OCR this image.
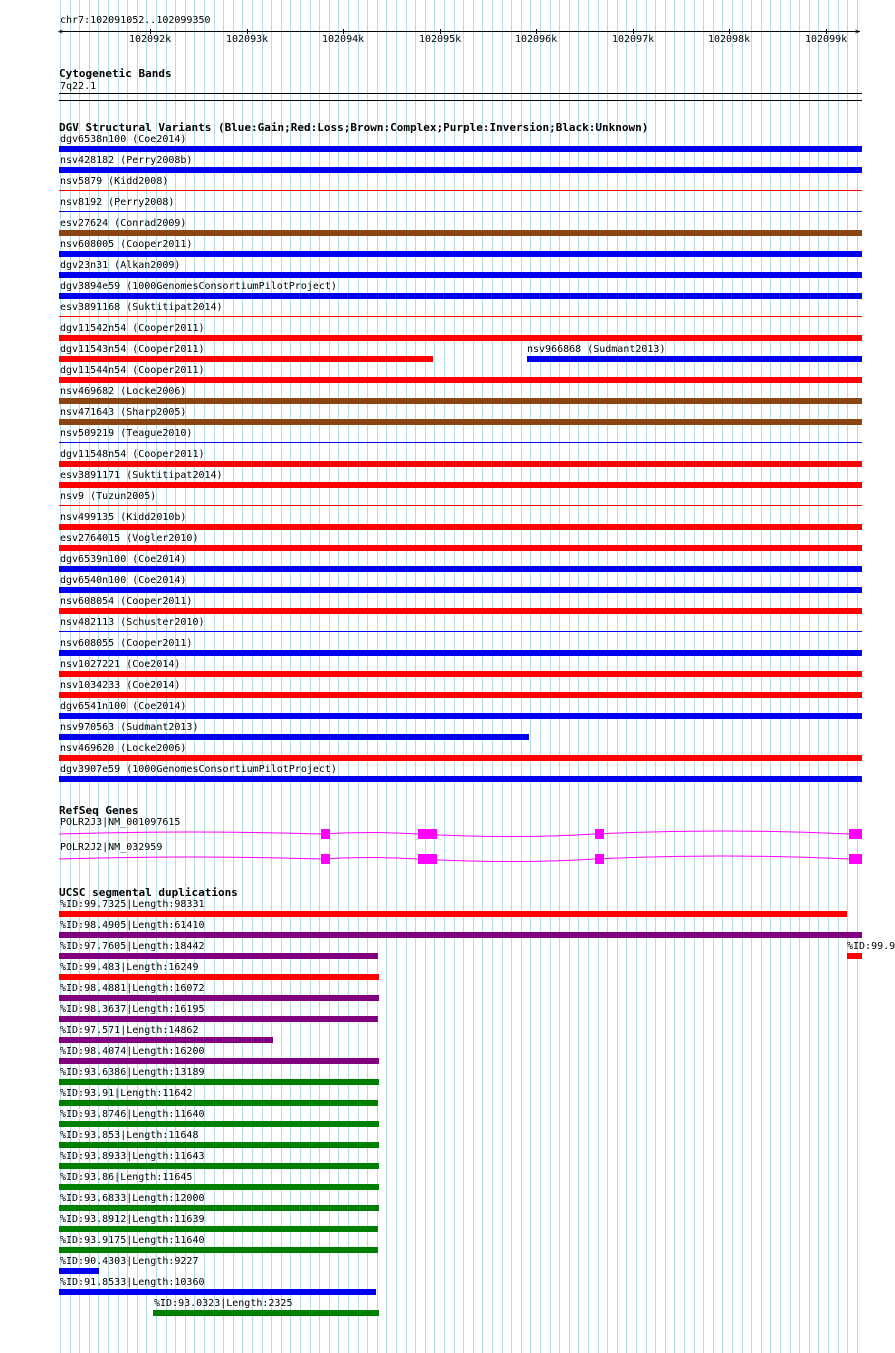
chr7:102091052..102099350
<	>
102092k	102093k	102094k	102095k	102096k	102097k	102098k	102099k
Cytogenetic Bands
7q22.1
DGV Structural Variants (Blue:Gain;Red:Loss;Brown:Complex;Purple:Inversion;Black:Unknown)
dgv6538n100 (Coe2014)
nsv428182 (Perry2008b)
nsv5879 (Kidd2008)
nsv8192 (Perry2008)
esv27624 (Conrad2009)
nsv608005 (Cooper2011)
dgv23n31 (Alkan2009)
dgv3894e59 (1000GenomesConsortiumPilotProject)
esv3891168 (Suktitipat2014)
dgv11542n54 (Cooper2011)
dgv11543n54 (Cooper2011)	nsv966868 (Sudmant2013)
dgv11544n54 (Cooper2011)
nsv469682 (Locke2006)
nsv471643 (Sharp2005)
nsv509219 (Teague2010)
dgv11548n54 (Cooper2011)
esv3891171 (Suktitipat2014)
nsv9 (Tuzun2005)
nsv499135 (Kidd2010b)
esv2764015 (Vogler2010)
dgv6539n100 (Coe2014)
dgv6540n100 (Coe2014)
nsv608054 (Cooper2011)
nsv482113 (Schuster2010)
nsv608055 (Cooper2011)
nsv1027221 (Coe2014)
nsv1034233 (Coe2014)
dgv6541n100 (Coe2014)
nsv970563 (Sudmant2013)
nsv469620 (Locke2006)
dgv3907e59 (1000GenomesConsortiumPilotProject)
RefSeq Genes
POLR2J3|NM_001097615
POLR2J2|NM_032959
UCSC segmental duplications
%ID:99.7325|Length:98331
%ID:98.4905|Length:61410
%ID:97.7605|Length:18442	%ID:99.9
%ID:99.483|Length:16249
%ID:98.4881|Length:16072
%ID:98.3637|Length:16195
%ID:97.571|Length:14862
%ID:98.4074|Length:16200
%ID:93.6386|Length:13189
%ID:93.91|Length:11642
%ID:93.8746|Length:11640
%ID:93.853|Length:11648
%ID:93.8933|Length:11643
%ID:93.86|Length:11645
%ID:93.6833|Length:12000
%ID:93.8912|Length:11639
%ID:93.9175|Length:11640
%ID:90.4303|Length:9227
%ID:91.8533|Length:10360
%ID:93.0323|Length:2325
